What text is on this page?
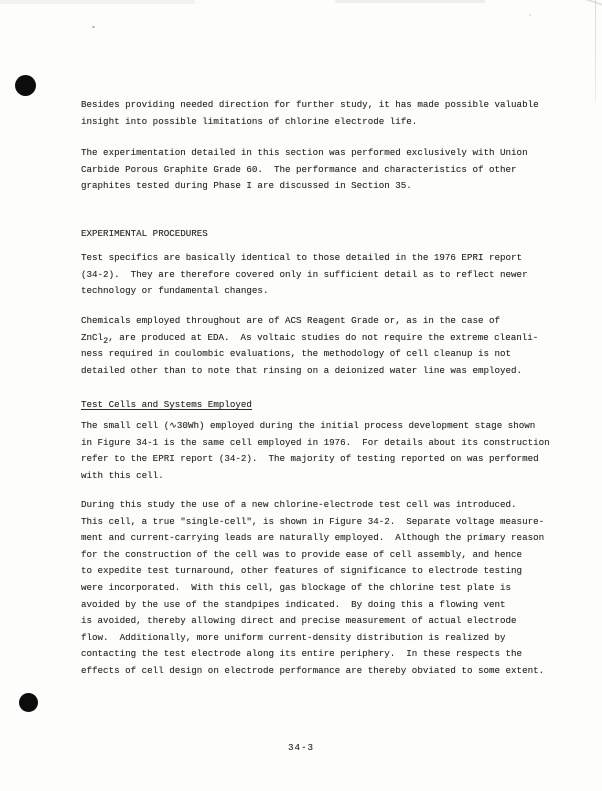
Besides providing needed direction for further study, it has made possible valuable
insight into possible limitations of chlorine electrode life.
The experimentation detailed in this section was performed exclusively with Union
Carbide Porous Graphite Grade 60.  The performance and characteristics of other
graphites tested during Phase I are discussed in Section 35.
EXPERIMENTAL PROCEDURES
Test specifics are basically identical to those detailed in the 1976 EPRI report
(34-2).  They are therefore covered only in sufficient detail as to reflect newer
technology or fundamental changes.
Chemicals employed throughout are of ACS Reagent Grade or, as in the case of
ZnCl2, are produced at EDA.  As voltaic studies do not require the extreme cleanli-
ness required in coulombic evaluations, the methodology of cell cleanup is not
detailed other than to note that rinsing on a deionized water line was employed.
Test Cells and Systems Employed
The small cell (∿30Wh) employed during the initial process development stage shown
in Figure 34-1 is the same cell employed in 1976.  For details about its construction
refer to the EPRI report (34-2).  The majority of testing reported on was performed
with this cell.
During this study the use of a new chlorine-electrode test cell was introduced.
This cell, a true "single-cell", is shown in Figure 34-2.  Separate voltage measure-
ment and current-carrying leads are naturally employed.  Although the primary reason
for the construction of the cell was to provide ease of cell assembly, and hence
to expedite test turnaround, other features of significance to electrode testing
were incorporated.  With this cell, gas blockage of the chlorine test plate is
avoided by the use of the standpipes indicated.  By doing this a flowing vent
is avoided, thereby allowing direct and precise measurement of actual electrode
flow.  Additionally, more uniform current-density distribution is realized by
contacting the test electrode along its entire periphery.  In these respects the
effects of cell design on electrode performance are thereby obviated to some extent.
34-3
